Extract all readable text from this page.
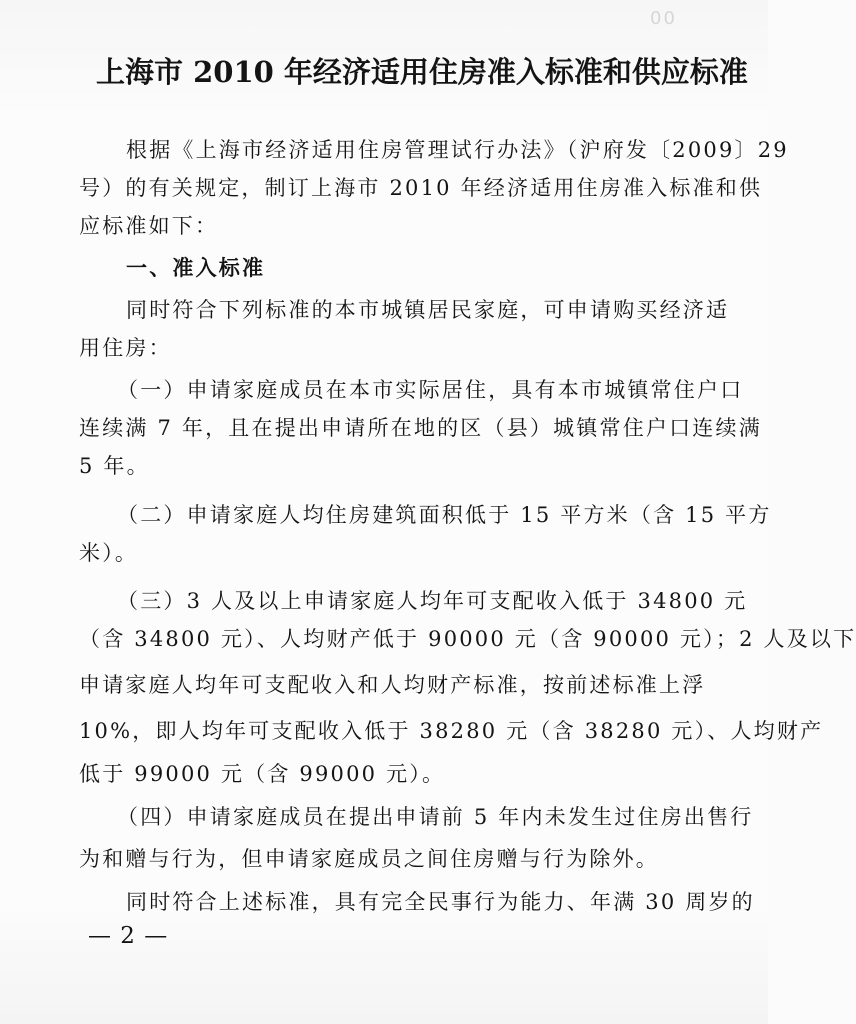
00
上海市 2010 年经济适用住房准入标准和供应标准
根据《上海市经济适用住房管理试行办法》（沪府发〔2009〕29
号）的有关规定，制订上海市 2010 年经济适用住房准入标准和供
应标准如下：
一、准入标准
同时符合下列标准的本市城镇居民家庭，可申请购买经济适
用住房：
（一）申请家庭成员在本市实际居住，具有本市城镇常住户口
连续满 7 年，且在提出申请所在地的区（县）城镇常住户口连续满
5 年。
（二）申请家庭人均住房建筑面积低于 15 平方米（含 15 平方
米）。
（三）3 人及以上申请家庭人均年可支配收入低于 34800 元
（含 34800 元）、人均财产低于 90000 元（含 90000 元）；2 人及以下
申请家庭人均年可支配收入和人均财产标准，按前述标准上浮
10%，即人均年可支配收入低于 38280 元（含 38280 元）、人均财产
低于 99000 元（含 99000 元）。
（四）申请家庭成员在提出申请前 5 年内未发生过住房出售行
为和赠与行为，但申请家庭成员之间住房赠与行为除外。
同时符合上述标准，具有完全民事行为能力、年满 30 周岁的
— 2 —
